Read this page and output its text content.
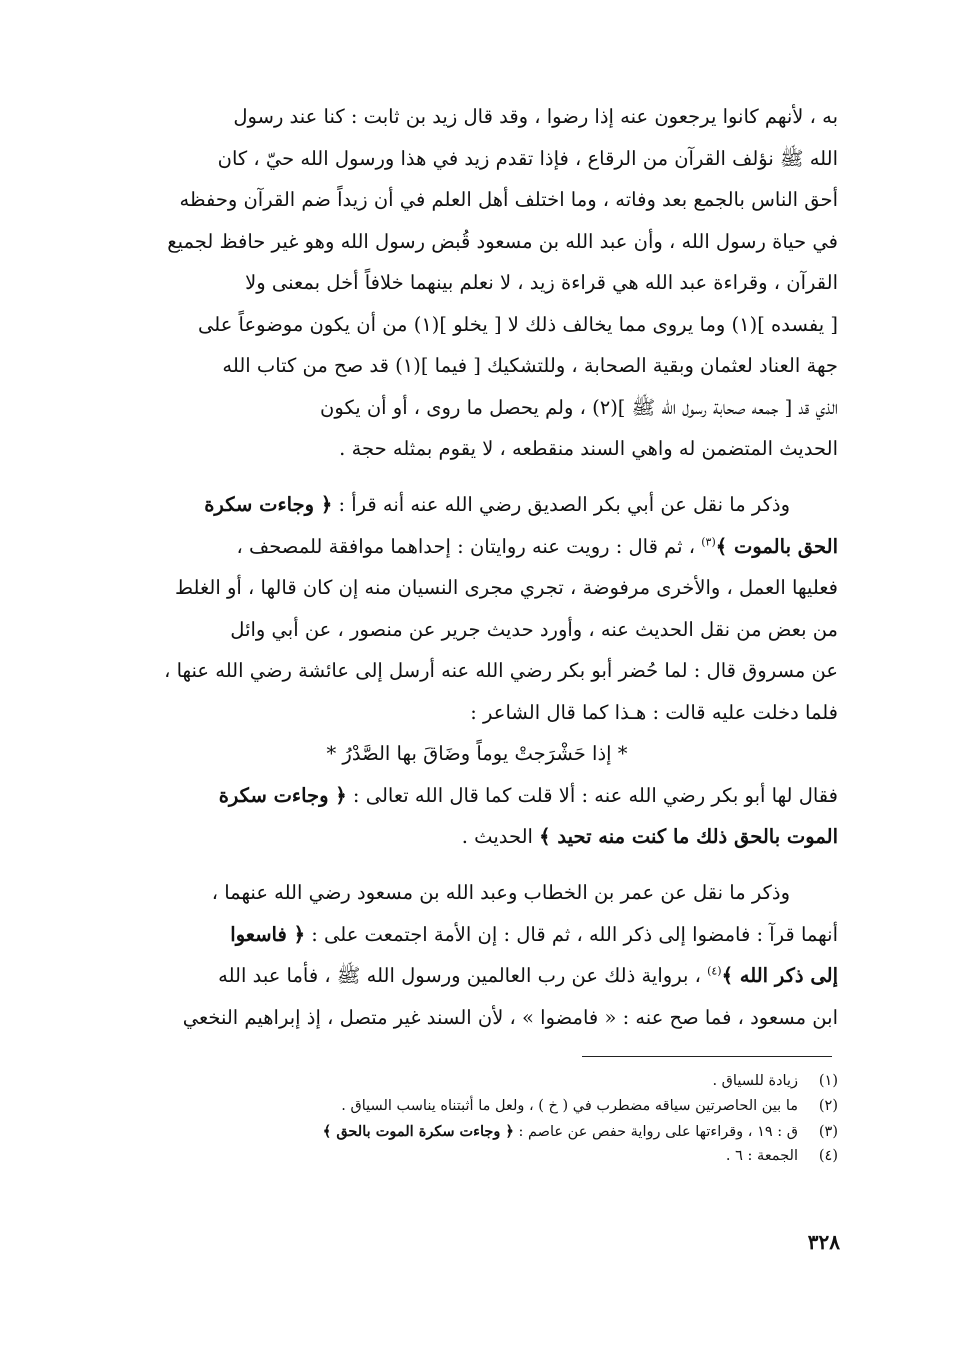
به ، لأنهم كانوا يرجعون عنه إذا رضوا ، وقد قال زيد بن ثابت : كنا عند رسول
الله ﷺ نؤلف القرآن من الرقاع ، فإذا تقدم زيد في هذا ورسول الله حيّ ، كان
أحق الناس بالجمع بعد وفاته ، وما اختلف أهل العلم في أن زيداً ضم القرآن وحفظه
في حياة رسول الله ، وأن عبد الله بن مسعود قُبض رسول الله وهو غير حافظ لجميع
القرآن ، وقراءة عبد الله هي قراءة زيد ، لا نعلم بينهما خلافاً أخل بمعنى ولا
[ يفسده ](١) وما يروى مما يخالف ذلك لا [ يخلو ](١) من أن يكون موضوعاً على
جهة العناد لعثمان وبقية الصحابة ، وللتشكيك [ فيما ](١) قد صح من كتاب الله
الذي قد [ جمعه صحابة رسول الله ﷺ ](٢) ، ولم يحصل ما روى ، أو أن يكون
الحديث المتضمن له واهي السند منقطعه ، لا يقوم بمثله حجة .
وذكر ما نقل عن أبي بكر الصديق رضي الله عنه أنه قرأ : ﴿ وجاءت سكرة
الحق بالموت ﴾$^{(٣)}$ ، ثم قال : رويت عنه روايتان : إحداهما موافقة للمصحف ،
فعليها العمل ، والأخرى مرفوضة ، تجري مجرى النسيان منه إن كان قالها ، أو الغلط
من بعض من نقل الحديث عنه ، وأورد حديث جرير عن منصور ، عن أبي وائل
عن مسروق قال : لما حُضر أبو بكر رضي الله عنه أرسل إلى عائشة رضي الله عنها ،
فلما دخلت عليه قالت : هـذا كما قال الشاعر :
* إذا حَشْرَجتْ يوماً وضَاقَ بها الصَّدْرُ *
فقال لها أبو بكر رضي الله عنه : ألا قلت كما قال الله تعالى : ﴿ وجاءت سكرة
الموت بالحق ذلك ما كنت منه تحيد ﴾ الحديث .
وذكر ما نقل عن عمر بن الخطاب وعبد الله بن مسعود رضي الله عنهما ،
أنهما قرآ : فامضوا إلى ذكر الله ، ثم قال : إن الأمة اجتمعت على : ﴿ فاسعوا
إلى ذكر الله ﴾$^{(٤)}$ ، برواية ذلك عن رب العالمين ورسول الله ﷺ ، فأما عبد الله
ابن مسعود ، فما صح عنه : « فامضوا » ، لأن السند غير متصل ، إذ إبراهيم النخعي
(١)زيادة للسياق .
(٢)ما بين الحاصرتين سياقه مضطرب في ( خ ) ، ولعل ما أثبتناه يناسب السياق .
(٣)ق : ١٩ ، وقراءتها على رواية حفص عن عاصم : ﴿ وجاءت سكرة الموت بالحق ﴾
(٤)الجمعة : ٦ .
٣٢٨
